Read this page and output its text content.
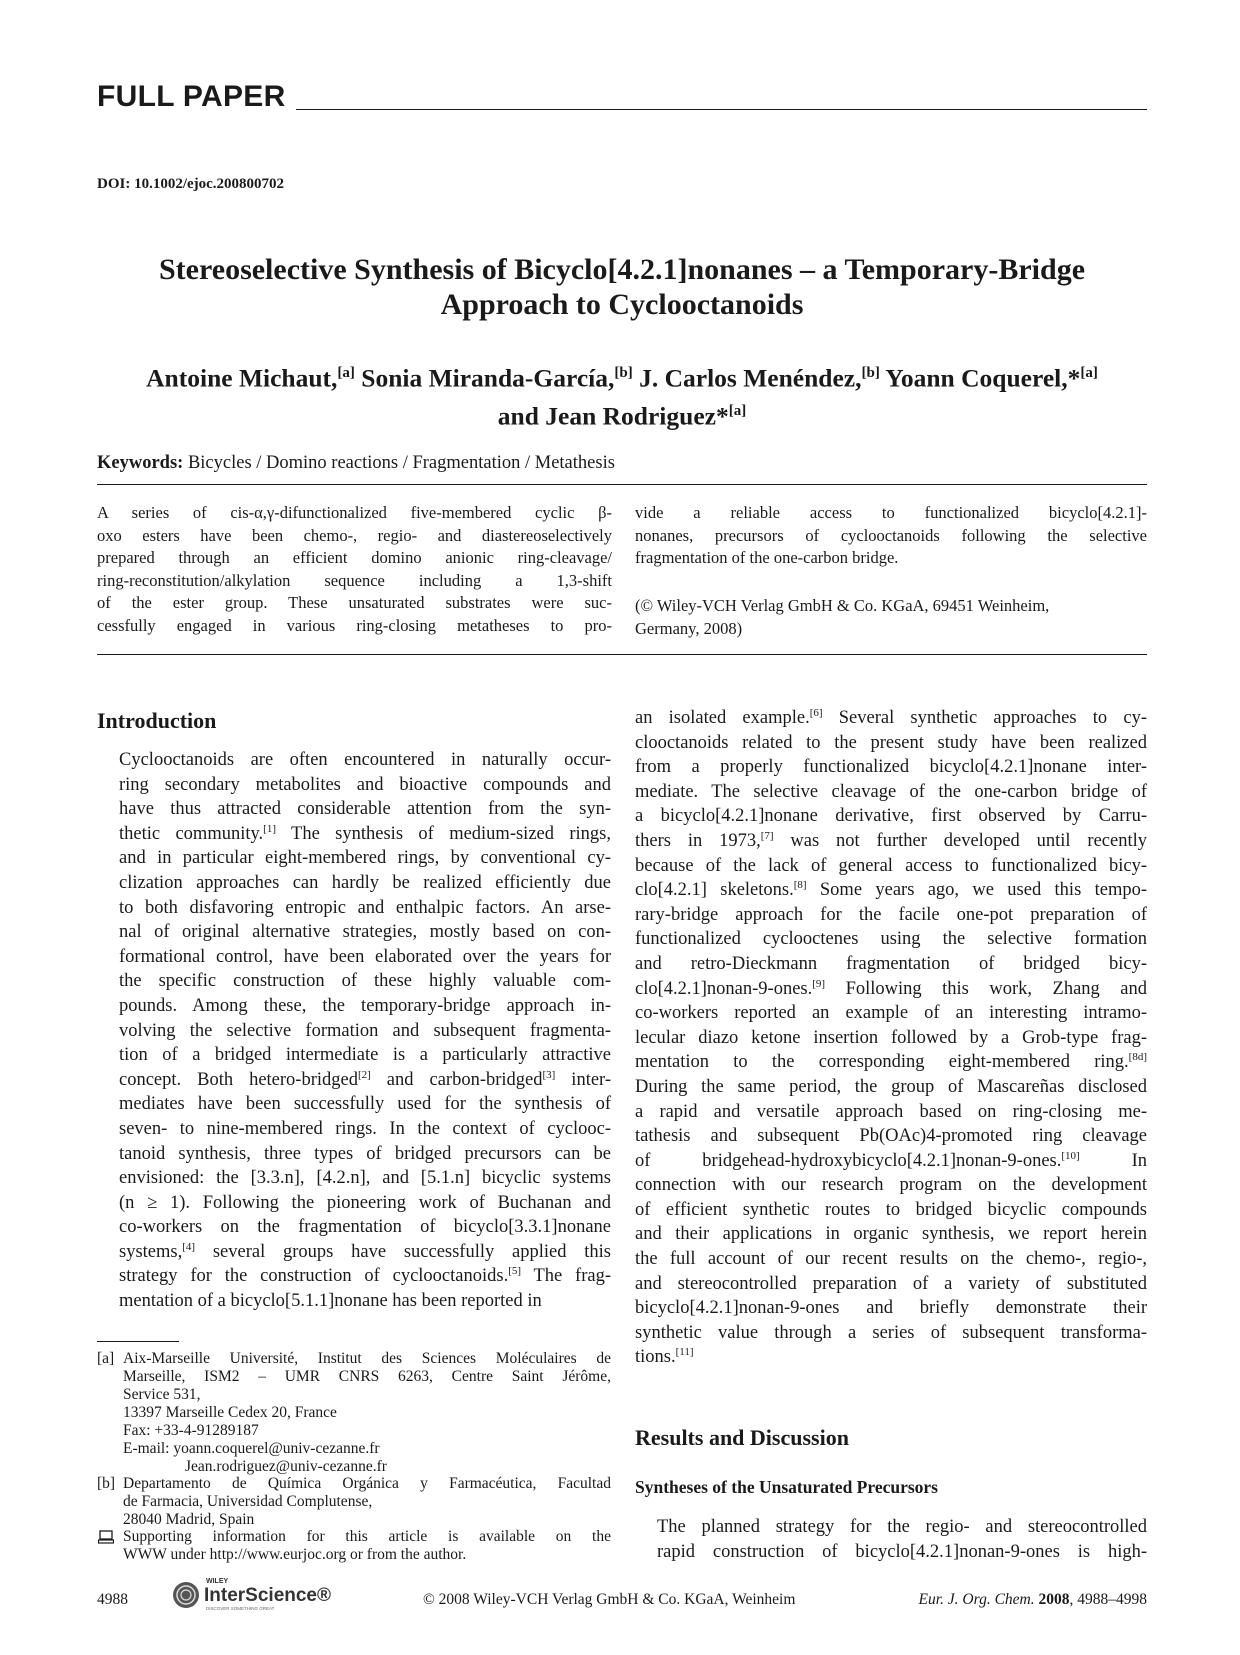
FULL PAPER
DOI: 10.1002/ejoc.200800702
Stereoselective Synthesis of Bicyclo[4.2.1]nonanes – a Temporary-Bridge
Approach to Cyclooctanoids
Antoine Michaut,[a] Sonia Miranda-García,[b] J. Carlos Menéndez,[b] Yoann Coquerel,*[a]
and Jean Rodriguez*[a]
Keywords: Bicycles / Domino reactions / Fragmentation / Metathesis
A series of cis-α,γ-difunctionalized five-membered cyclic β-
oxo esters have been chemo-, regio- and diastereoselectively
prepared through an efficient domino anionic ring-cleavage/
ring-reconstitution/alkylation sequence including a 1,3-shift
of the ester group. These unsaturated substrates were suc-
cessfully engaged in various ring-closing metatheses to pro-
vide a reliable access to functionalized bicyclo[4.2.1]-
nonanes, precursors of cyclooctanoids following the selective
fragmentation of the one-carbon bridge.
(© Wiley-VCH Verlag GmbH & Co. KGaA, 69451 Weinheim,
Germany, 2008)
Introduction
Cyclooctanoids are often encountered in naturally occur-
ring secondary metabolites and bioactive compounds and
have thus attracted considerable attention from the syn-
thetic community.[1] The synthesis of medium-sized rings,
and in particular eight-membered rings, by conventional cy-
clization approaches can hardly be realized efficiently due
to both disfavoring entropic and enthalpic factors. An arse-
nal of original alternative strategies, mostly based on con-
formational control, have been elaborated over the years for
the specific construction of these highly valuable com-
pounds. Among these, the temporary-bridge approach in-
volving the selective formation and subsequent fragmenta-
tion of a bridged intermediate is a particularly attractive
concept. Both hetero-bridged[2] and carbon-bridged[3] inter-
mediates have been successfully used for the synthesis of
seven- to nine-membered rings. In the context of cyclooc-
tanoid synthesis, three types of bridged precursors can be
envisioned: the [3.3.n], [4.2.n], and [5.1.n] bicyclic systems
(n ≥ 1). Following the pioneering work of Buchanan and
co-workers on the fragmentation of bicyclo[3.3.1]nonane
systems,[4] several groups have successfully applied this
strategy for the construction of cyclooctanoids.[5] The frag-
mentation of a bicyclo[5.1.1]nonane has been reported in
an isolated example.[6] Several synthetic approaches to cy-
clooctanoids related to the present study have been realized
from a properly functionalized bicyclo[4.2.1]nonane inter-
mediate. The selective cleavage of the one-carbon bridge of
a bicyclo[4.2.1]nonane derivative, first observed by Carru-
thers in 1973,[7] was not further developed until recently
because of the lack of general access to functionalized bicy-
clo[4.2.1] skeletons.[8] Some years ago, we used this tempo-
rary-bridge approach for the facile one-pot preparation of
functionalized cyclooctenes using the selective formation
and retro-Dieckmann fragmentation of bridged bicy-
clo[4.2.1]nonan-9-ones.[9] Following this work, Zhang and
co-workers reported an example of an interesting intramo-
lecular diazo ketone insertion followed by a Grob-type frag-
mentation to the corresponding eight-membered ring.[8d]
During the same period, the group of Mascareñas disclosed
a rapid and versatile approach based on ring-closing me-
tathesis and subsequent Pb(OAc)4-promoted ring cleavage
of bridgehead-hydroxybicyclo[4.2.1]nonan-9-ones.[10] In
connection with our research program on the development
of efficient synthetic routes to bridged bicyclic compounds
and their applications in organic synthesis, we report herein
the full account of our recent results on the chemo-, regio-,
and stereocontrolled preparation of a variety of substituted
bicyclo[4.2.1]nonan-9-ones and briefly demonstrate their
synthetic value through a series of subsequent transforma-
tions.[11]
[a] Aix-Marseille Université, Institut des Sciences Moléculaires de
Marseille, ISM2 – UMR CNRS 6263, Centre Saint Jérôme,
Service 531,
13397 Marseille Cedex 20, France
Fax: +33-4-91289187
E-mail: yoann.coquerel@univ-cezanne.fr
Jean.rodriguez@univ-cezanne.fr
[b] Departamento de Química Orgánica y Farmacéutica, Facultad
de Farmacia, Universidad Complutense,
28040 Madrid, Spain
Supporting information for this article is available on the
WWW under http://www.eurjoc.org or from the author.
Results and Discussion
Syntheses of the Unsaturated Precursors
The planned strategy for the regio- and stereocontrolled
rapid construction of bicyclo[4.2.1]nonan-9-ones is high-
4988
WILEY
InterScience®
DISCOVER SOMETHING GREAT
© 2008 Wiley-VCH Verlag GmbH & Co. KGaA, Weinheim	Eur. J. Org. Chem. 2008, 4988–4998
